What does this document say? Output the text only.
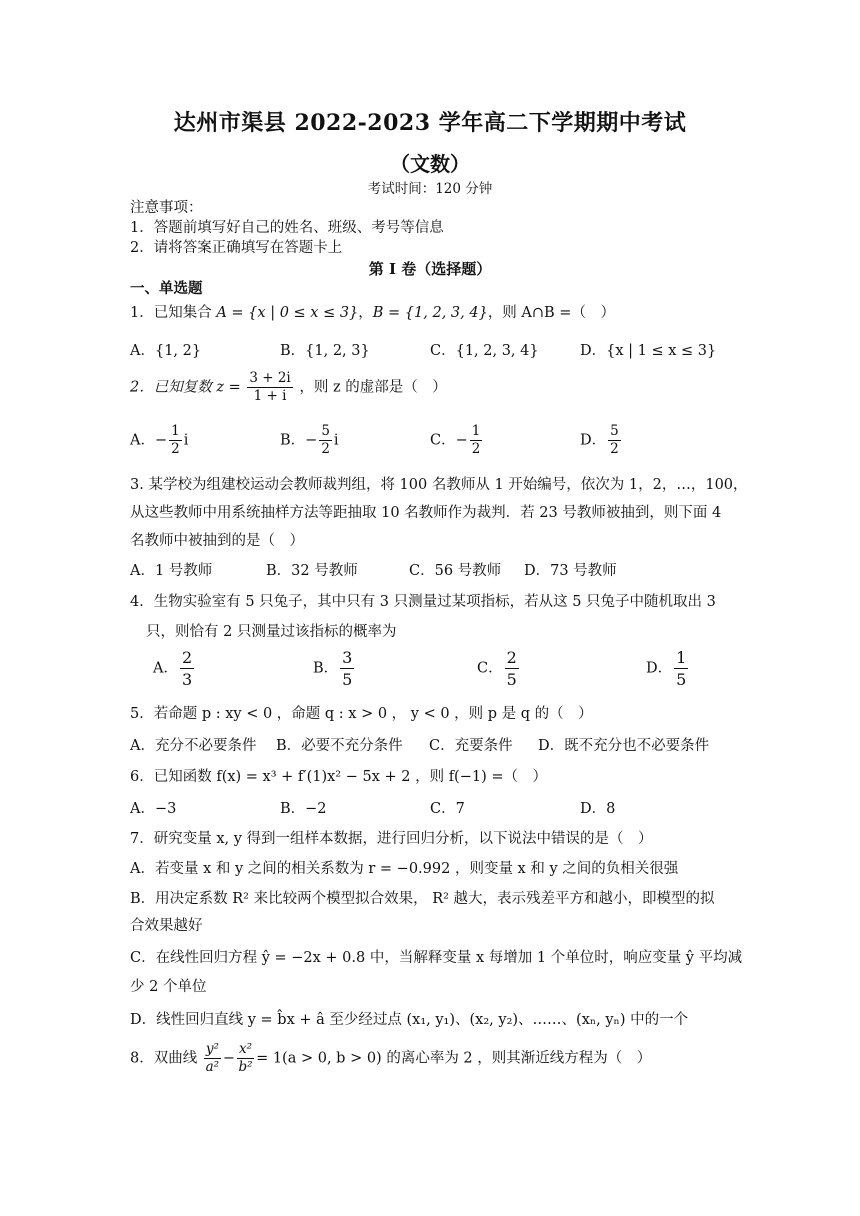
达州市渠县 2022-2023 学年高二下学期期中考试
（文数）
考试时间：120 分钟
注意事项：
1．答题前填写好自己的姓名、班级、考号等信息
2．请将答案正确填写在答题卡上
第 I 卷（选择题）
一、单选题
1．已知集合 A = {x | 0 ≤ x ≤ 3}，B = {1, 2, 3, 4}，则 A∩B =（　）
A．{1, 2}	B．{1, 2, 3}	C．{1, 2, 3, 4}	D．{x | 1 ≤ x ≤ 3}
2．已知复数 $z = \frac{3 + 2i}{1 + i}$ ，则 z 的虚部是（　）
A．− $\frac{1}{2}$ i	B．− $\frac{5}{2}$ i	C．− $\frac{1}{2}$	D． $\frac{5}{2}$
3. 某学校为组建校运动会教师裁判组，将 100 名教师从 1 开始编号，依次为 1，2，…，100，
从这些教师中用系统抽样方法等距抽取 10 名教师作为裁判．若 23 号教师被抽到，则下面 4
名教师中被抽到的是（　）
A．1 号教师	B．32 号教师	C．56 号教师 D．73 号教师
4．生物实验室有 5 只兔子，其中只有 3 只测量过某项指标，若从这 5 只兔子中随机取出 3
只，则恰有 2 只测量过该指标的概率为
A． $\frac{2}{3}$	B． $\frac{3}{5}$	C． $\frac{2}{5}$	D． $\frac{1}{5}$
5．若命题 p : xy < 0 ，命题 q : x > 0 ， y < 0 ，则 p 是 q 的（　）
A．充分不必要条件 B．必要不充分条件 C．充要条件 D．既不充分也不必要条件
6．已知函数 f(x) = x³ + f′(1)x² − 5x + 2 ，则 f(−1) =（　）
A．−3	B．−2	C．7	D．8
7．研究变量 x, y 得到一组样本数据，进行回归分析，以下说法中错误的是（　）
A．若变量 x 和 y 之间的相关系数为 r = −0.992 ，则变量 x 和 y 之间的负相关很强
B．用决定系数 R² 来比较两个模型拟合效果， R² 越大，表示残差平方和越小，即模型的拟
合效果越好
C．在线性回归方程 ŷ = −2x + 0.8 中，当解释变量 x 每增加 1 个单位时，响应变量 ŷ 平均减
少 2 个单位
D．线性回归直线 y = b̂x + â 至少经过点 (x₁, y₁)、(x₂, y₂)、……、(xₙ, yₙ) 中的一个
8．双曲线 $\frac{\text{y²}}{\text{a²}} - \frac{\text{x²}}{\text{b²}} = 1(a > 0$, b > 0) 的离心率为 2 ，则其渐近线方程为（　）
